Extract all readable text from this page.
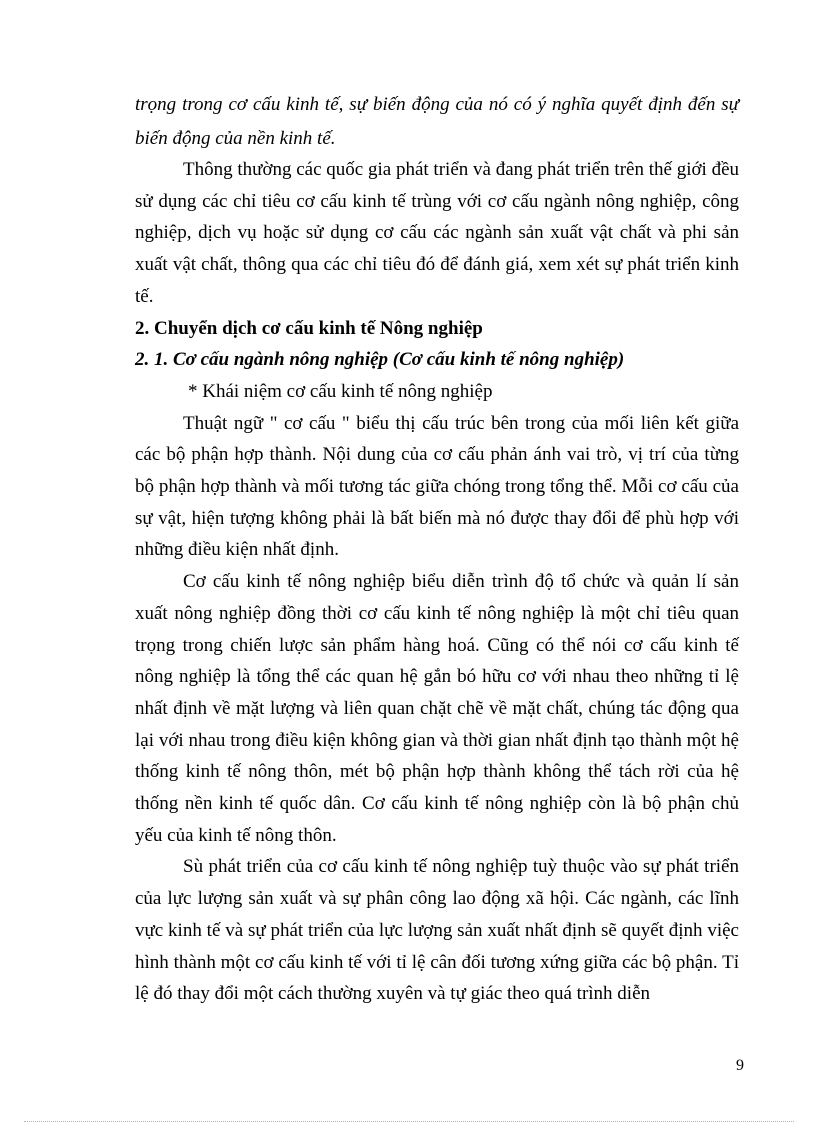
trọng trong cơ cấu kinh tế, sự biến động của nó có ý nghĩa quyết định đến sự biến động của nền kinh tế.

Thông thường các quốc gia phát triển và đang phát triển trên thế giới đều sử dụng các chỉ tiêu cơ cấu kinh tế trùng với cơ cấu ngành nông nghiệp, công nghiệp, dịch vụ hoặc sử dụng cơ cấu các ngành sản xuất vật chất và phi sản xuất vật chất, thông qua các chỉ tiêu đó để đánh giá, xem xét sự phát triển kinh tế.

2. Chuyển dịch cơ cấu kinh tế Nông nghiệp

2. 1. Cơ cấu ngành nông nghiệp (Cơ cấu kinh tế nông nghiệp)

* Khái niệm cơ cấu kinh tế nông nghiệp

Thuật ngữ " cơ cấu " biểu thị cấu trúc bên trong của mối liên kết giữa các bộ phận hợp thành. Nội dung của cơ cấu phản ánh vai trò, vị trí của từng bộ phận hợp thành và mối tương tác giữa chóng trong tổng thể. Mỗi cơ cấu của sự vật, hiện tượng không phải là bất biến mà nó được thay đổi để phù hợp với những điều kiện nhất định.

Cơ cấu kinh tế nông nghiệp biểu diễn trình độ tổ chức và quản lí sản xuất nông nghiệp đồng thời cơ cấu kinh tế nông nghiệp là một chỉ tiêu quan trọng trong chiến lược sản phẩm hàng hoá. Cũng có thể nói cơ cấu kinh tế nông nghiệp là tổng thể các quan hệ gắn bó hữu cơ với nhau theo những tỉ lệ nhất định về mặt lượng và liên quan chặt chẽ về mặt chất, chúng tác động qua lại với nhau trong điều kiện không gian và thời gian nhất định tạo thành một hệ thống kinh tế nông thôn, mét bộ phận hợp thành không thể tách rời của hệ thống nền kinh tế quốc dân. Cơ cấu kinh tế nông nghiệp còn là bộ phận chủ yếu của kinh tế nông thôn.

Sù phát triển của cơ cấu kinh tế nông nghiệp tuỳ thuộc vào sự phát triển của lực lượng sản xuất và sự phân công lao động xã hội. Các ngành, các lĩnh vực kinh tế và sự phát triển của lực lượng sản xuất nhất định sẽ quyết định việc hình thành một cơ cấu kinh tế với tỉ lệ cân đối tương xứng giữa các bộ phận. Tỉ lệ đó thay đổi một cách thường xuyên và tự giác theo quá trình diễn

9
